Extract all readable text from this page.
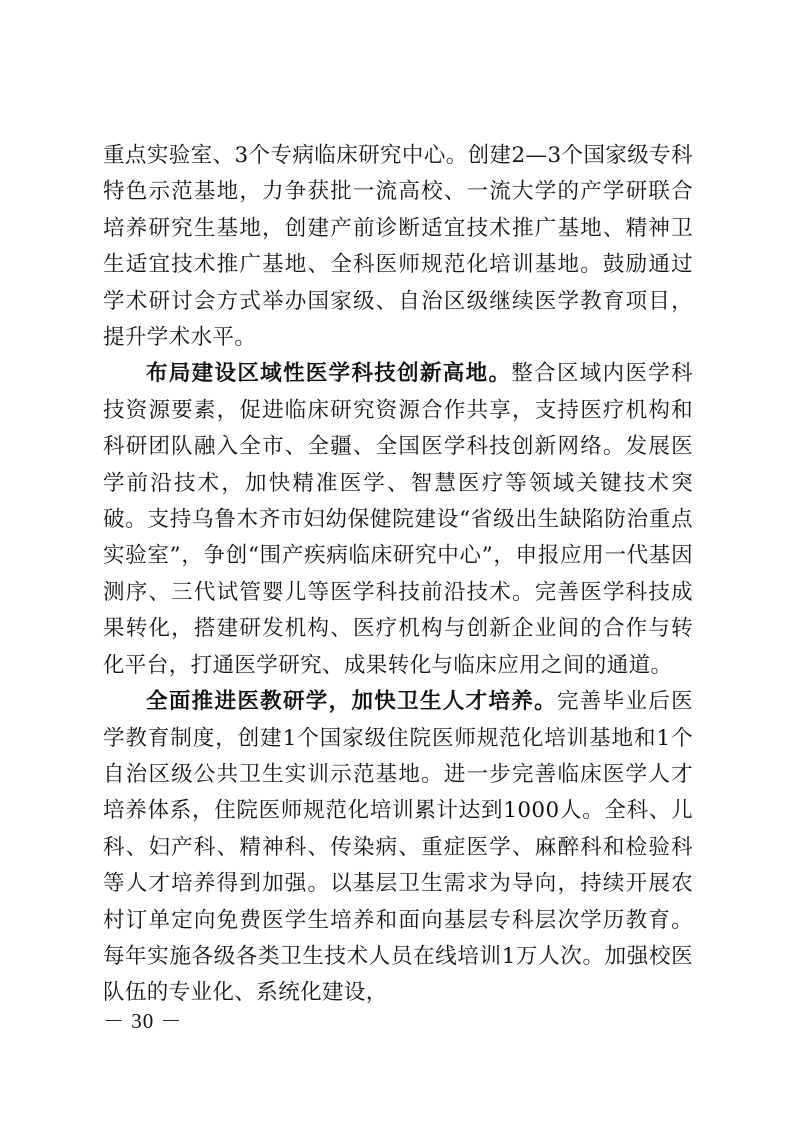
重点实验室、3个专病临床研究中心。创建2—3个国家级专科特色示范基地，力争获批一流高校、一流大学的产学研联合培养研究生基地，创建产前诊断适宜技术推广基地、精神卫生适宜技术推广基地、全科医师规范化培训基地。鼓励通过学术研讨会方式举办国家级、自治区级继续医学教育项目，提升学术水平。

布局建设区域性医学科技创新高地。整合区域内医学科技资源要素，促进临床研究资源合作共享，支持医疗机构和科研团队融入全市、全疆、全国医学科技创新网络。发展医学前沿技术，加快精准医学、智慧医疗等领域关键技术突破。支持乌鲁木齐市妇幼保健院建设“省级出生缺陷防治重点实验室”，争创“围产疾病临床研究中心”，申报应用一代基因测序、三代试管婴儿等医学科技前沿技术。完善医学科技成果转化，搭建研发机构、医疗机构与创新企业间的合作与转化平台，打通医学研究、成果转化与临床应用之间的通道。

全面推进医教研学，加快卫生人才培养。完善毕业后医学教育制度，创建1个国家级住院医师规范化培训基地和1个自治区级公共卫生实训示范基地。进一步完善临床医学人才培养体系，住院医师规范化培训累计达到1000人。全科、儿科、妇产科、精神科、传染病、重症医学、麻醉科和检验科等人才培养得到加强。以基层卫生需求为导向，持续开展农村订单定向免费医学生培养和面向基层专科层次学历教育。每年实施各级各类卫生技术人员在线培训1万人次。加强校医队伍的专业化、系统化建设，

－ 30 －
